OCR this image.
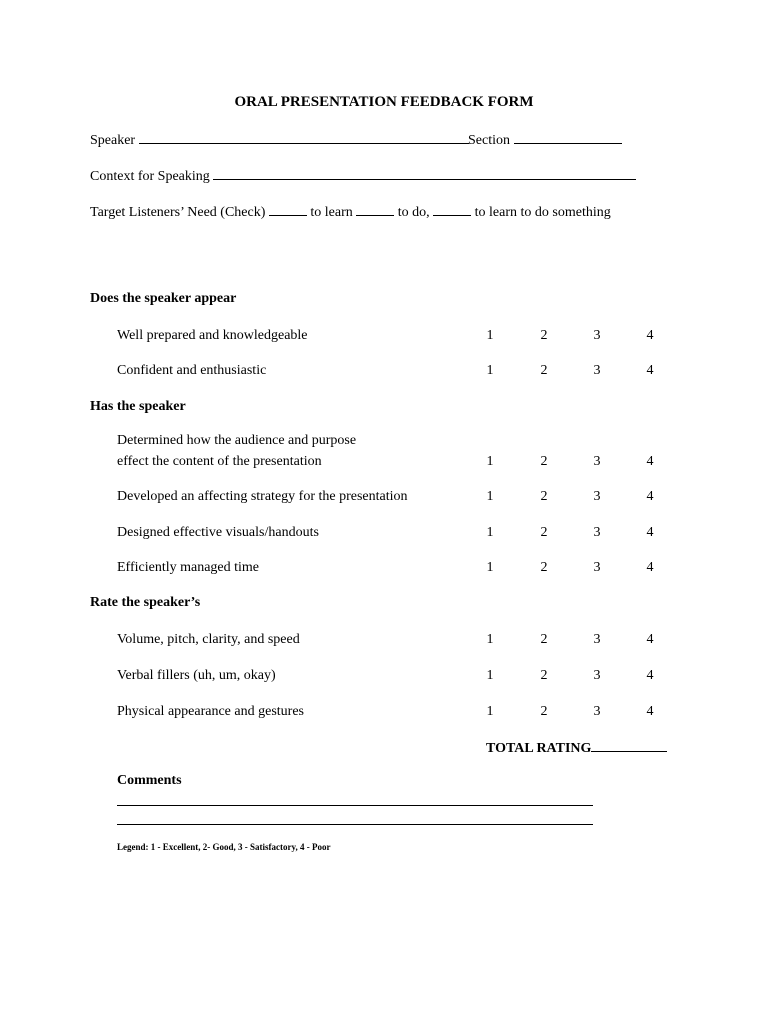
ORAL PRESENTATION FEEDBACK FORM
Speaker	Section
Context for Speaking
Target Listeners’ Need (Check)	to learn	to do,	to learn to do something
Does the speaker appear
Well prepared and knowledgeable	1	2	3	4
Confident and enthusiastic	1	2	3	4
Has the speaker
Determined how the audience and purpose
effect the content of the presentation	1	2	3	4
Developed an affecting strategy for the presentation	1	2	3	4
Designed effective visuals/handouts	1	2	3	4
Efficiently managed time	1	2	3	4
Rate the speaker’s
Volume, pitch, clarity, and speed	1	2	3	4
Verbal fillers (uh, um, okay)	1	2	3	4
Physical appearance and gestures	1	2	3	4
TOTAL RATING
Comments
Legend: 1 - Excellent, 2- Good, 3 - Satisfactory, 4 - Poor
